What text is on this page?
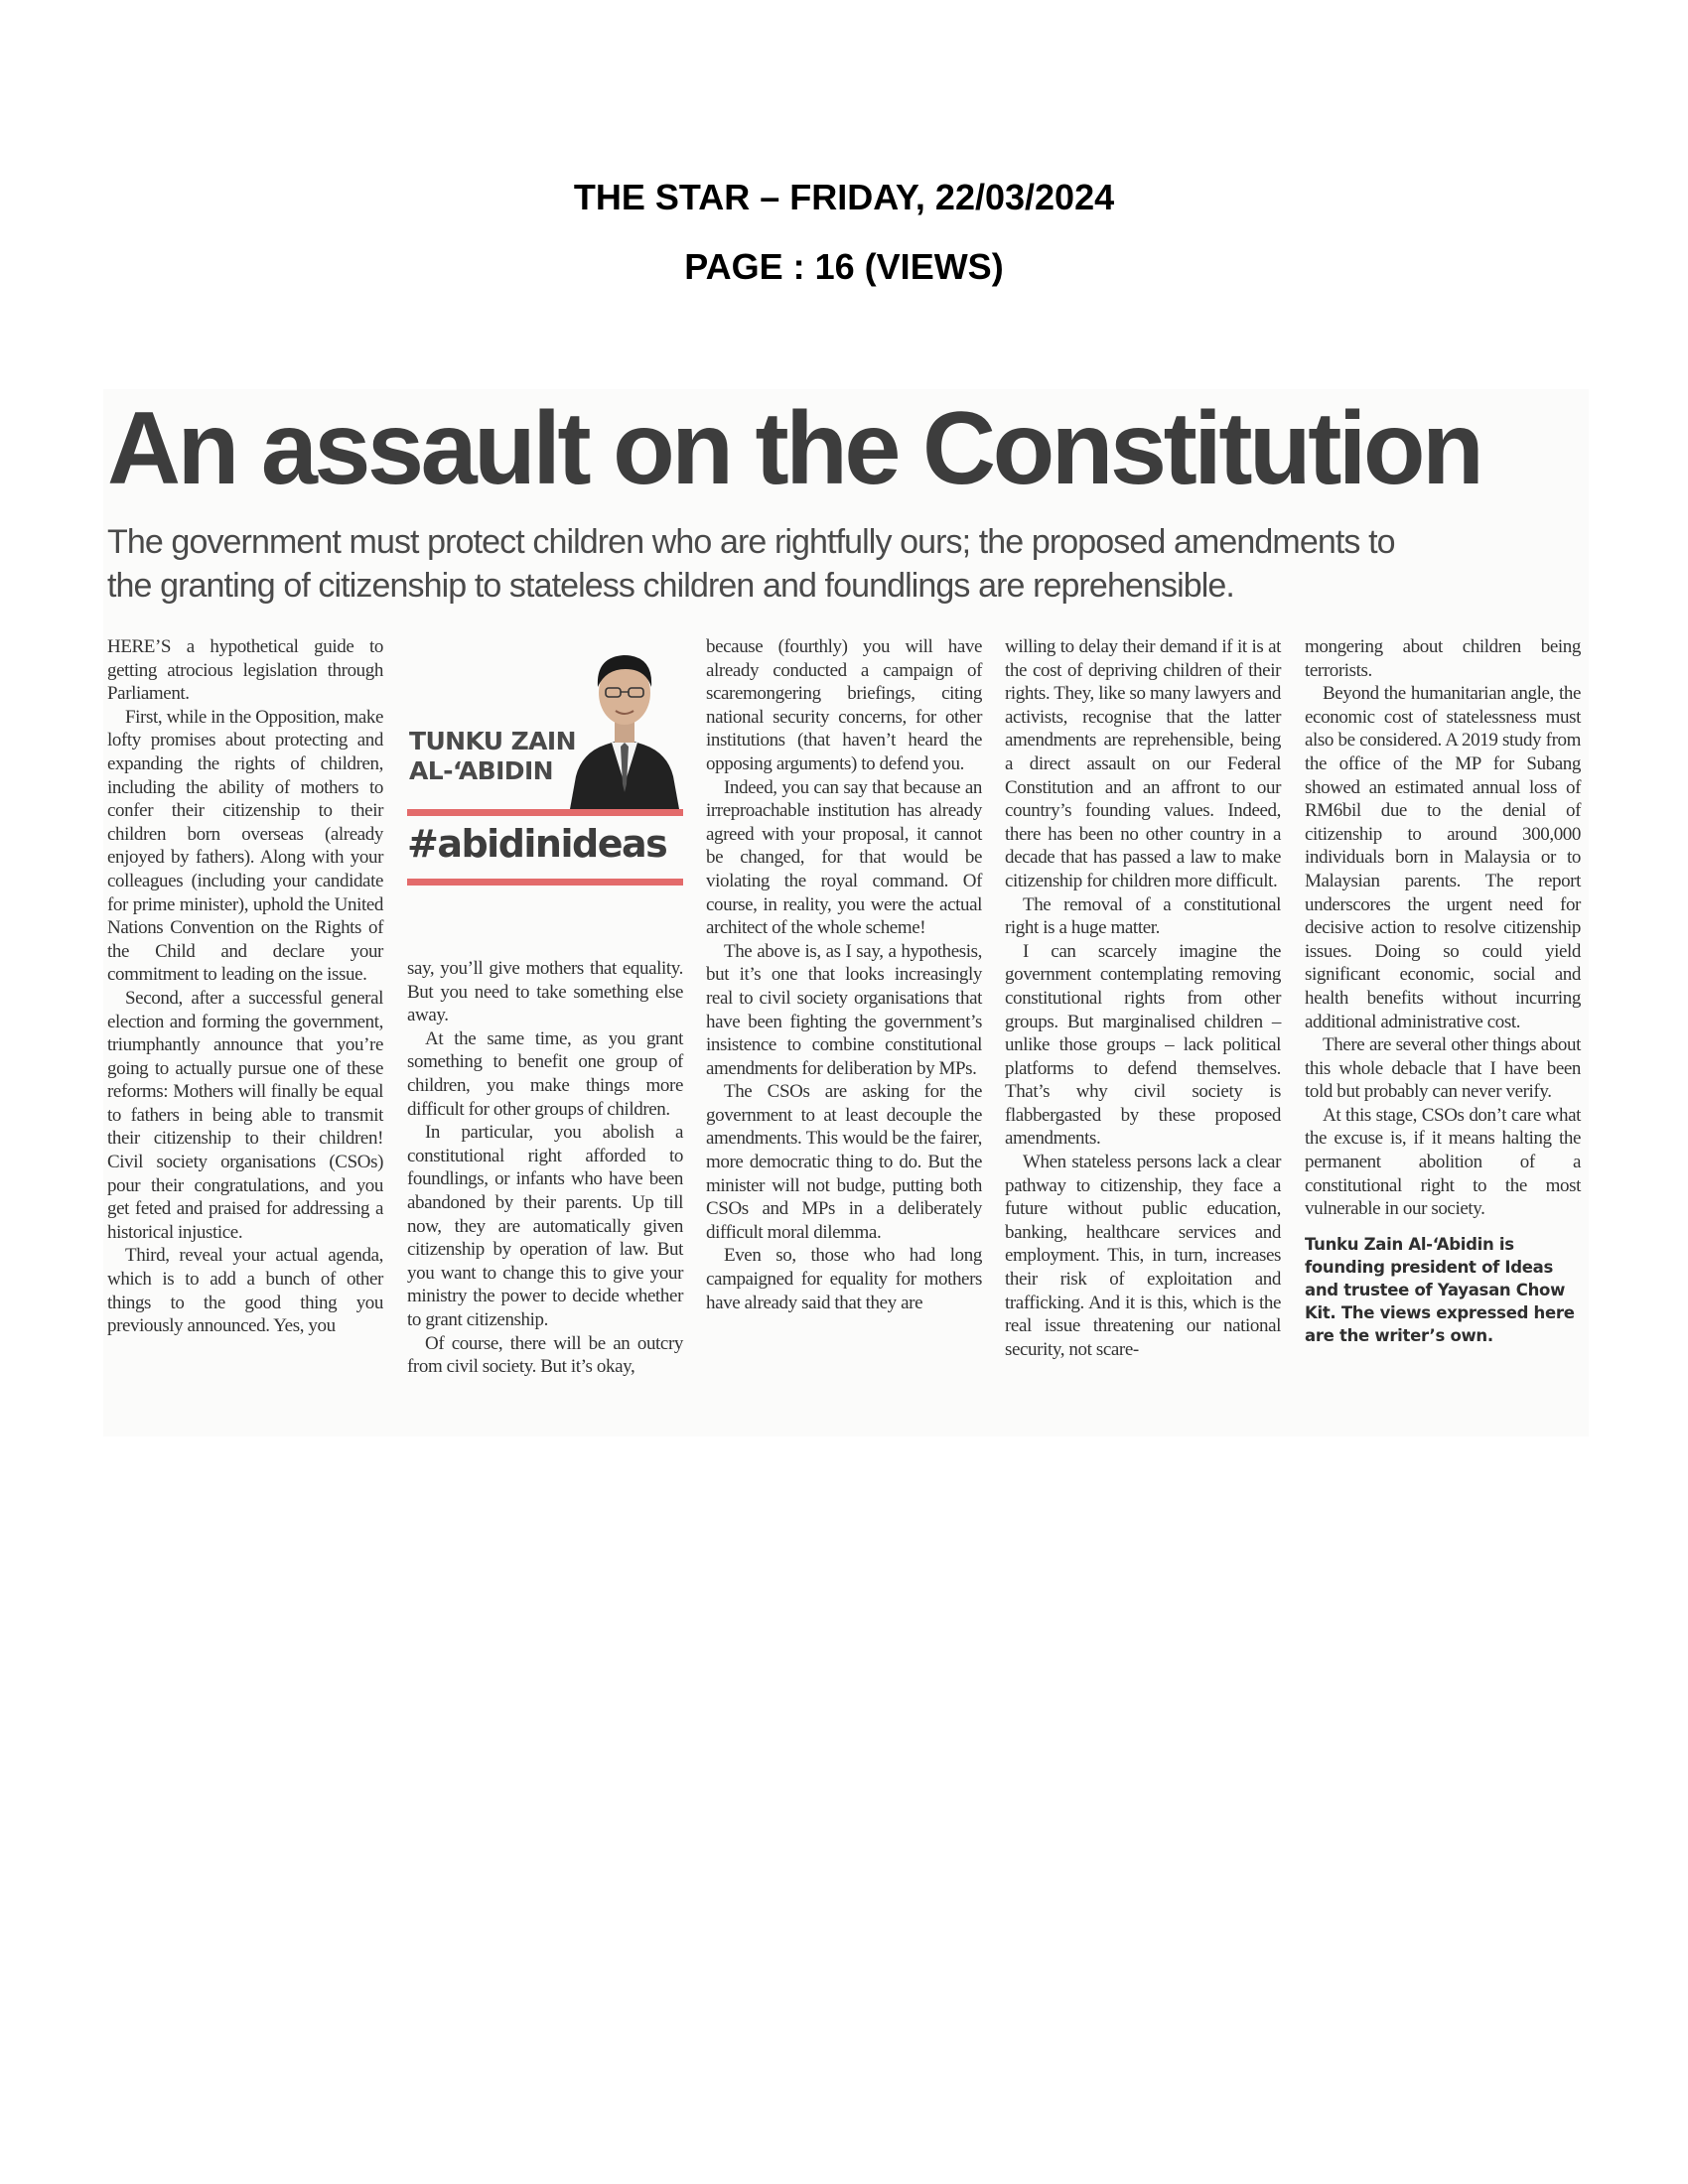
THE STAR – FRIDAY, 22/03/2024
PAGE : 16 (VIEWS)
An assault on the Constitution
The government must protect children who are rightfully ours; the proposed amendments to
the granting of citizenship to stateless children and foundlings are reprehensible.

HERE’S a hypothetical guide to getting atrocious legislation through Parliament.

First, while in the Opposition, make lofty promises about protecting and expanding the rights of children, including the ability of mothers to confer their citizenship to their children born overseas (already enjoyed by fathers). Along with your colleagues (including your candidate for prime minister), uphold the United Nations Convention on the Rights of the Child and declare your commitment to leading on the issue.

Second, after a successful general election and forming the government, triumphantly announce that you’re going to actually pursue one of these reforms: Mothers will finally be equal to fathers in being able to transmit their citizenship to their children! Civil society organisations (CSOs) pour their congratulations, and you get feted and praised for addressing a historical injustice.

Third, reveal your actual agenda, which is to add a bunch of other things to the good thing you previously announced. Yes, you

TUNKU ZAIN
AL-‘ABIDIN
#abidinideas

say, you’ll give mothers that equality. But you need to take something else away.

At the same time, as you grant something to benefit one group of children, you make things more difficult for other groups of children.

In particular, you abolish a constitutional right afforded to foundlings, or infants who have been abandoned by their parents. Up till now, they are automatically given citizenship by operation of law. But you want to change this to give your ministry the power to decide whether to grant citizenship.

Of course, there will be an outcry from civil society. But it’s okay,

because (fourthly) you will have already conducted a campaign of scaremongering briefings, citing national security concerns, for other institutions (that haven’t heard the opposing arguments) to defend you.

Indeed, you can say that because an irreproachable institution has already agreed with your proposal, it cannot be changed, for that would be violating the royal command. Of course, in reality, you were the actual architect of the whole scheme!

The above is, as I say, a hypothesis, but it’s one that looks increasingly real to civil society organisations that have been fighting the government’s insistence to combine constitutional amendments for deliberation by MPs.

The CSOs are asking for the government to at least decouple the amendments. This would be the fairer, more democratic thing to do. But the minister will not budge, putting both CSOs and MPs in a deliberately difficult moral dilemma.

Even so, those who had long campaigned for equality for mothers have already said that they are

willing to delay their demand if it is at the cost of depriving children of their rights. They, like so many lawyers and activists, recognise that the latter amendments are reprehensible, being a direct assault on our Federal Constitution and an affront to our country’s founding values. Indeed, there has been no other country in a decade that has passed a law to make citizenship for children more difficult.

The removal of a constitutional right is a huge matter.

I can scarcely imagine the government contemplating removing constitutional rights from other groups. But marginalised children – unlike those groups – lack political platforms to defend themselves. That’s why civil society is flabbergasted by these proposed amendments.

When stateless persons lack a clear pathway to citizenship, they face a future without public education, banking, healthcare services and employment. This, in turn, increases their risk of exploitation and trafficking. And it is this, which is the real issue threatening our national security, not scare-

mongering about children being terrorists.

Beyond the humanitarian angle, the economic cost of statelessness must also be considered. A 2019 study from the office of the MP for Subang showed an estimated annual loss of RM6bil due to the denial of citizenship to around 300,000 individuals born in Malaysia or to Malaysian parents. The report underscores the urgent need for decisive action to resolve citizenship issues. Doing so could yield significant economic, social and health benefits without incurring additional administrative cost.

There are several other things about this whole debacle that I have been told but probably can never verify.

At this stage, CSOs don’t care what the excuse is, if it means halting the permanent abolition of a constitutional right to the most vulnerable in our society.

Tunku Zain Al-‘Abidin is founding president of Ideas and trustee of Yayasan Chow Kit. The views expressed here are the writer’s own.
